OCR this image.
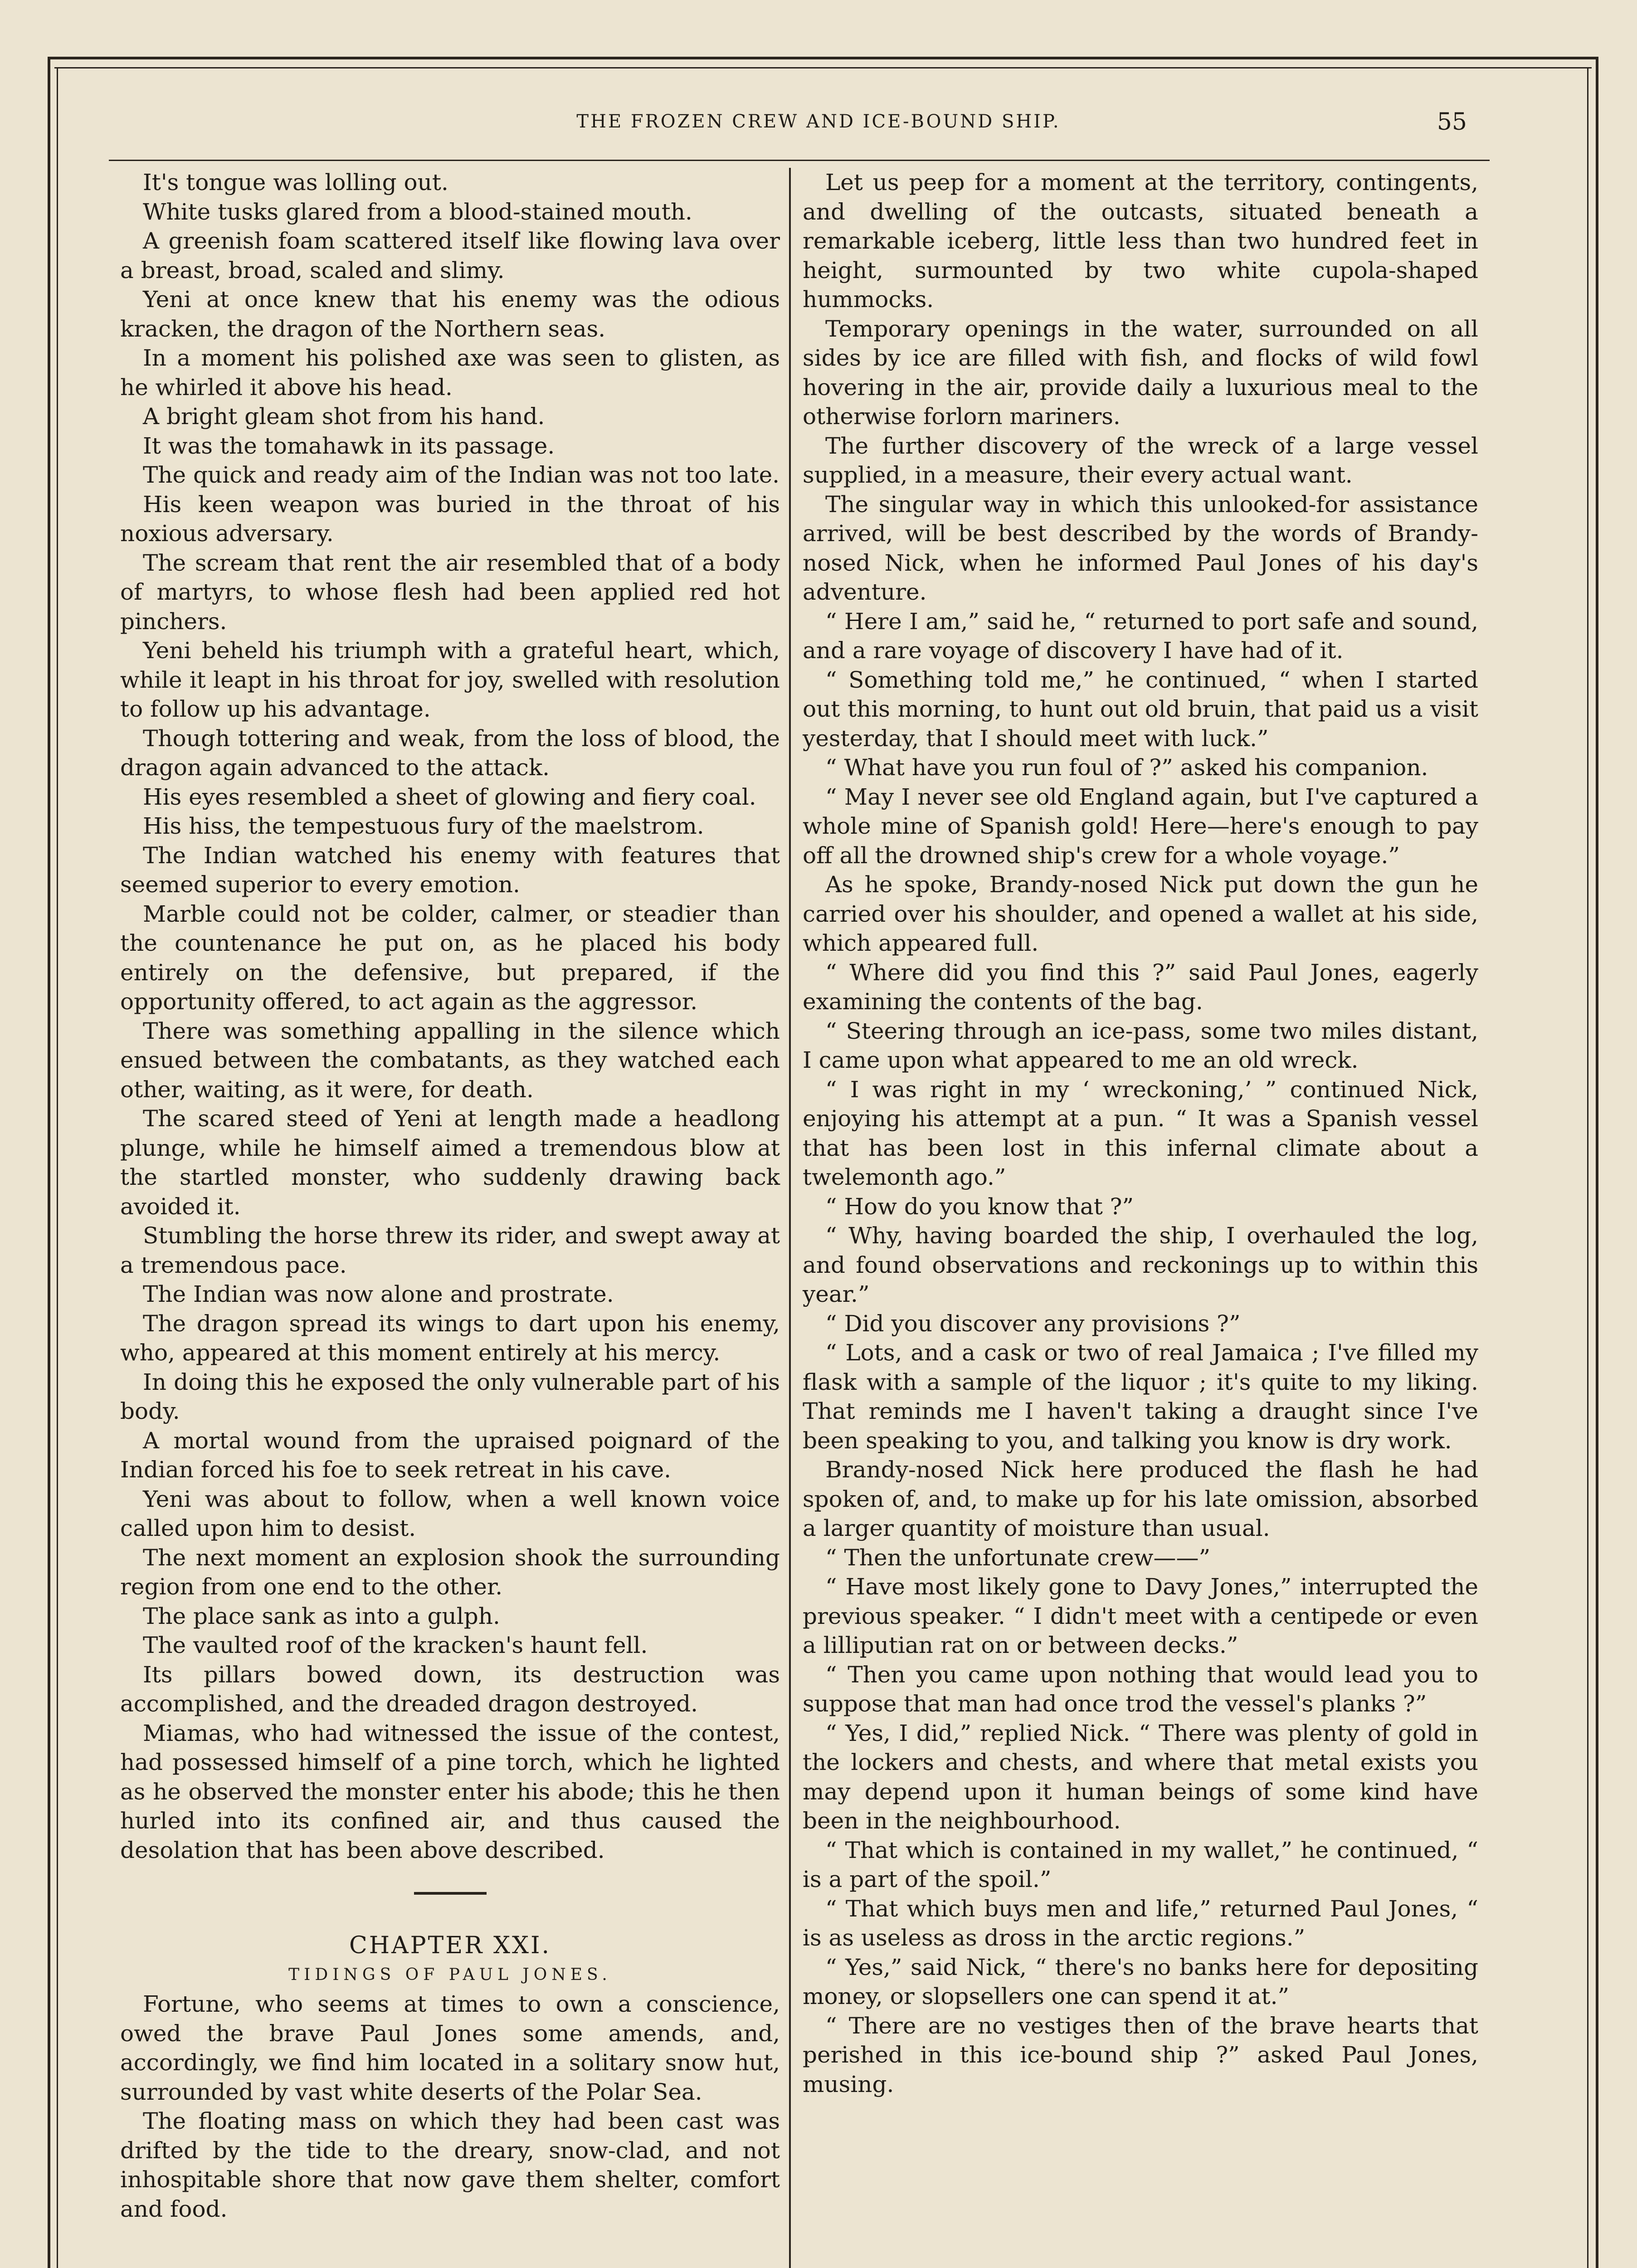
THE FROZEN CREW AND ICE-BOUND SHIP.	55

It's tongue was lolling out.

White tusks glared from a blood-stained mouth.

A greenish foam scattered itself like flowing lava over a breast, broad, scaled and slimy.

Yeni at once knew that his enemy was the odious kracken, the dragon of the Northern seas.

In a moment his polished axe was seen to glisten, as he whirled it above his head.

A bright gleam shot from his hand.

It was the tomahawk in its passage.

The quick and ready aim of the Indian was not too late.

His keen weapon was buried in the throat of his noxious adversary.

The scream that rent the air resembled that of a body of martyrs, to whose flesh had been applied red hot pinchers.

Yeni beheld his triumph with a grateful heart, which, while it leapt in his throat for joy, swelled with resolution to follow up his advantage.

Though tottering and weak, from the loss of blood, the dragon again advanced to the attack.

His eyes resembled a sheet of glowing and fiery coal.

His hiss, the tempestuous fury of the maelstrom.

The Indian watched his enemy with features that seemed superior to every emotion.

Marble could not be colder, calmer, or steadier than the countenance he put on, as he placed his body entirely on the defensive, but prepared, if the opportunity offered, to act again as the aggressor.

There was something appalling in the silence which ensued between the combatants, as they watched each other, waiting, as it were, for death.

The scared steed of Yeni at length made a headlong plunge, while he himself aimed a tremendous blow at the startled monster, who suddenly drawing back avoided it.

Stumbling the horse threw its rider, and swept away at a tremendous pace.

The Indian was now alone and prostrate.

The dragon spread its wings to dart upon his enemy, who, appeared at this moment entirely at his mercy.

In doing this he exposed the only vulnerable part of his body.

A mortal wound from the upraised poignard of the Indian forced his foe to seek retreat in his cave.

Yeni was about to follow, when a well known voice called upon him to desist.

The next moment an explosion shook the surrounding region from one end to the other.

The place sank as into a gulph.

The vaulted roof of the kracken's haunt fell.

Its pillars bowed down, its destruction was accomplished, and the dreaded dragon destroyed.

Miamas, who had witnessed the issue of the contest, had possessed himself of a pine torch, which he lighted as he observed the monster enter his abode; this he then hurled into its confined air, and thus caused the desolation that has been above described.

CHAPTER XXI.

TIDINGS OF PAUL JONES.

Fortune, who seems at times to own a conscience, owed the brave Paul Jones some amends, and, accordingly, we find him located in a solitary snow hut, surrounded by vast white deserts of the Polar Sea.

The floating mass on which they had been cast was drifted by the tide to the dreary, snow-clad, and not inhospitable shore that now gave them shelter, comfort and food.

Let us peep for a moment at the territory, contingents, and dwelling of the outcasts, situated beneath a remarkable iceberg, little less than two hundred feet in height, surmounted by two white cupola-shaped hummocks.

Temporary openings in the water, surrounded on all sides by ice are filled with fish, and flocks of wild fowl hovering in the air, provide daily a luxurious meal to the otherwise forlorn mariners.

The further discovery of the wreck of a large vessel supplied, in a measure, their every actual want.

The singular way in which this unlooked-for assistance arrived, will be best described by the words of Brandy-nosed Nick, when he informed Paul Jones of his day's adventure.

“ Here I am,” said he, “ returned to port safe and sound, and a rare voyage of discovery I have had of it.

“ Something told me,” he continued, “ when I started out this morning, to hunt out old bruin, that paid us a visit yesterday, that I should meet with luck.”

“ What have you run foul of ?” asked his companion.

“ May I never see old England again, but I've captured a whole mine of Spanish gold! Here—here's enough to pay off all the drowned ship's crew for a whole voyage.”

As he spoke, Brandy-nosed Nick put down the gun he carried over his shoulder, and opened a wallet at his side, which appeared full.

“ Where did you find this ?” said Paul Jones, eagerly examining the contents of the bag.

“ Steering through an ice-pass, some two miles distant, I came upon what appeared to me an old wreck.

“ I was right in my ‘ wreckoning,’ ” continued Nick, enjoying his attempt at a pun. “ It was a Spanish vessel that has been lost in this infernal climate about a twelemonth ago.”

“ How do you know that ?”

“ Why, having boarded the ship, I overhauled the log, and found observations and reckonings up to within this year.”

“ Did you discover any provisions ?”

“ Lots, and a cask or two of real Jamaica ; I've filled my flask with a sample of the liquor ; it's quite to my liking. That reminds me I haven't taking a draught since I've been speaking to you, and talking you know is dry work.

Brandy-nosed Nick here produced the flash he had spoken of, and, to make up for his late omission, absorbed a larger quantity of moisture than usual.

“ Then the unfortunate crew——”

“ Have most likely gone to Davy Jones,” interrupted the previous speaker. “ I didn't meet with a centipede or even a lilliputian rat on or between decks.”

“ Then you came upon nothing that would lead you to suppose that man had once trod the vessel's planks ?”

“ Yes, I did,” replied Nick. “ There was plenty of gold in the lockers and chests, and where that metal exists you may depend upon it human beings of some kind have been in the neighbourhood.

“ That which is contained in my wallet,” he continued, “ is a part of the spoil.”

“ That which buys men and life,” returned Paul Jones, “ is as useless as dross in the arctic regions.”

“ Yes,” said Nick, “ there's no banks here for depositing money, or slopsellers one can spend it at.”

“ There are no vestiges then of the brave hearts that perished in this ice-bound ship ?” asked Paul Jones, musing.
